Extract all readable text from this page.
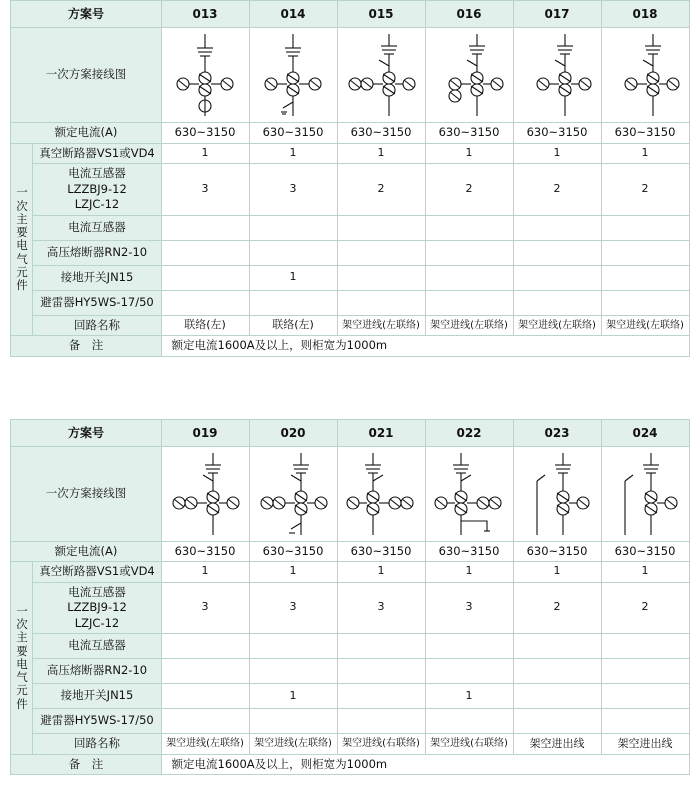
方案号		013	014	015	016	017	018
一次方案接线图	

额定电流(A)		630~3150	630~3150	630~3150	630~3150	630~3150	630~3150

一
次
主
要
电
气
元
件
	真空断路器VS1或VD4	1	1	1	1	1	1

	电流互感器
LZZBJ9-12
LZJC-12	3	3	2	2	2	2
	电流互感器						
	高压熔断器RN2-10						
	接地开关JN15		1				
	避雷器HY5WS-17/50						
	回路名称	联络(左)	联络(左)	架空进线(左联络)	架空进线(左联络)	架空进线(左联络)	架空进线(左联络)
备　注		额定电流1600A及以上，则柜宽为1000m					
方案号		019	020	021	022	023	024
一次方案接线图	

额定电流(A)		630~3150	630~3150	630~3150	630~3150	630~3150	630~3150

一
次
主
要
电
气
元
件
	真空断路器VS1或VD4	1	1	1	1	1	1

	电流互感器
LZZBJ9-12
LZJC-12	3	3	3	3	2	2
	电流互感器						
	高压熔断器RN2-10						
	接地开关JN15		1		1		
	避雷器HY5WS-17/50						
	回路名称	架空进线(左联络)	架空进线(左联络)	架空进线(右联络)	架空进线(右联络)	架空进出线	架空进出线
备　注		额定电流1600A及以上，则柜宽为1000m					
